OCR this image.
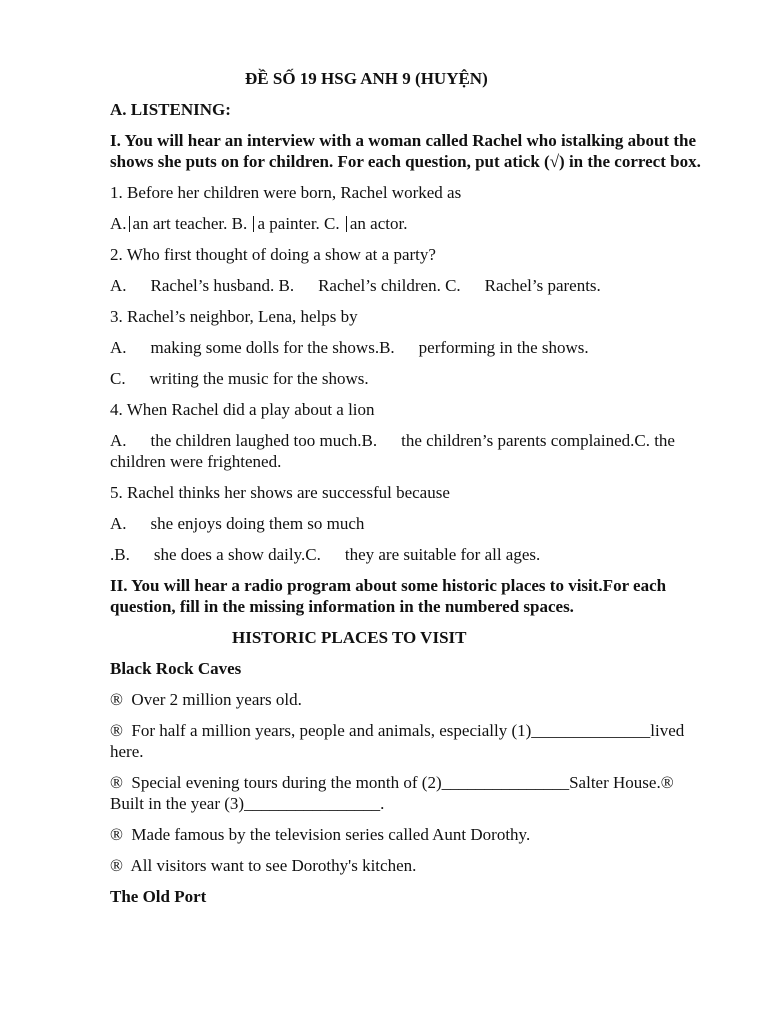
ĐỀ SỐ 19 HSG ANH 9 (HUYỆN)

A. LISTENING:

I. You will hear an interview with a woman called Rachel who istalking about the shows she puts on for children. For each question, put atick (√) in the correct box.

1. Before her children were born, Rachel worked as

A. an art teacher. B. a painter. C. an actor.

2. Who first thought of doing a show at a party?

A. Rachel’s husband. B. Rachel’s children. C. Rachel’s parents.

3. Rachel’s neighbor, Lena, helps by

A. making some dolls for the shows.B. performing in the shows.

C. writing the music for the shows.

4. When Rachel did a play about a lion

A. the children laughed too much.B. the children’s parents complained.C. the children were frightened.

5. Rachel thinks her shows are successful because

A. she enjoys doing them so much

.B. she does a show daily.C. they are suitable for all ages.

II. You will hear a radio program about some historic places to visit.For each question, fill in the missing information in the numbered spaces.

HISTORIC PLACES TO VISIT

Black Rock Caves

® Over 2 million years old.

® For half a million years, people and animals, especially (1)______________lived here.

® Special evening tours during the month of (2)_______________Salter House.® Built in the year (3)________________.

® Made famous by the television series called Aunt Dorothy.

® All visitors want to see Dorothy's kitchen.

The Old Port
